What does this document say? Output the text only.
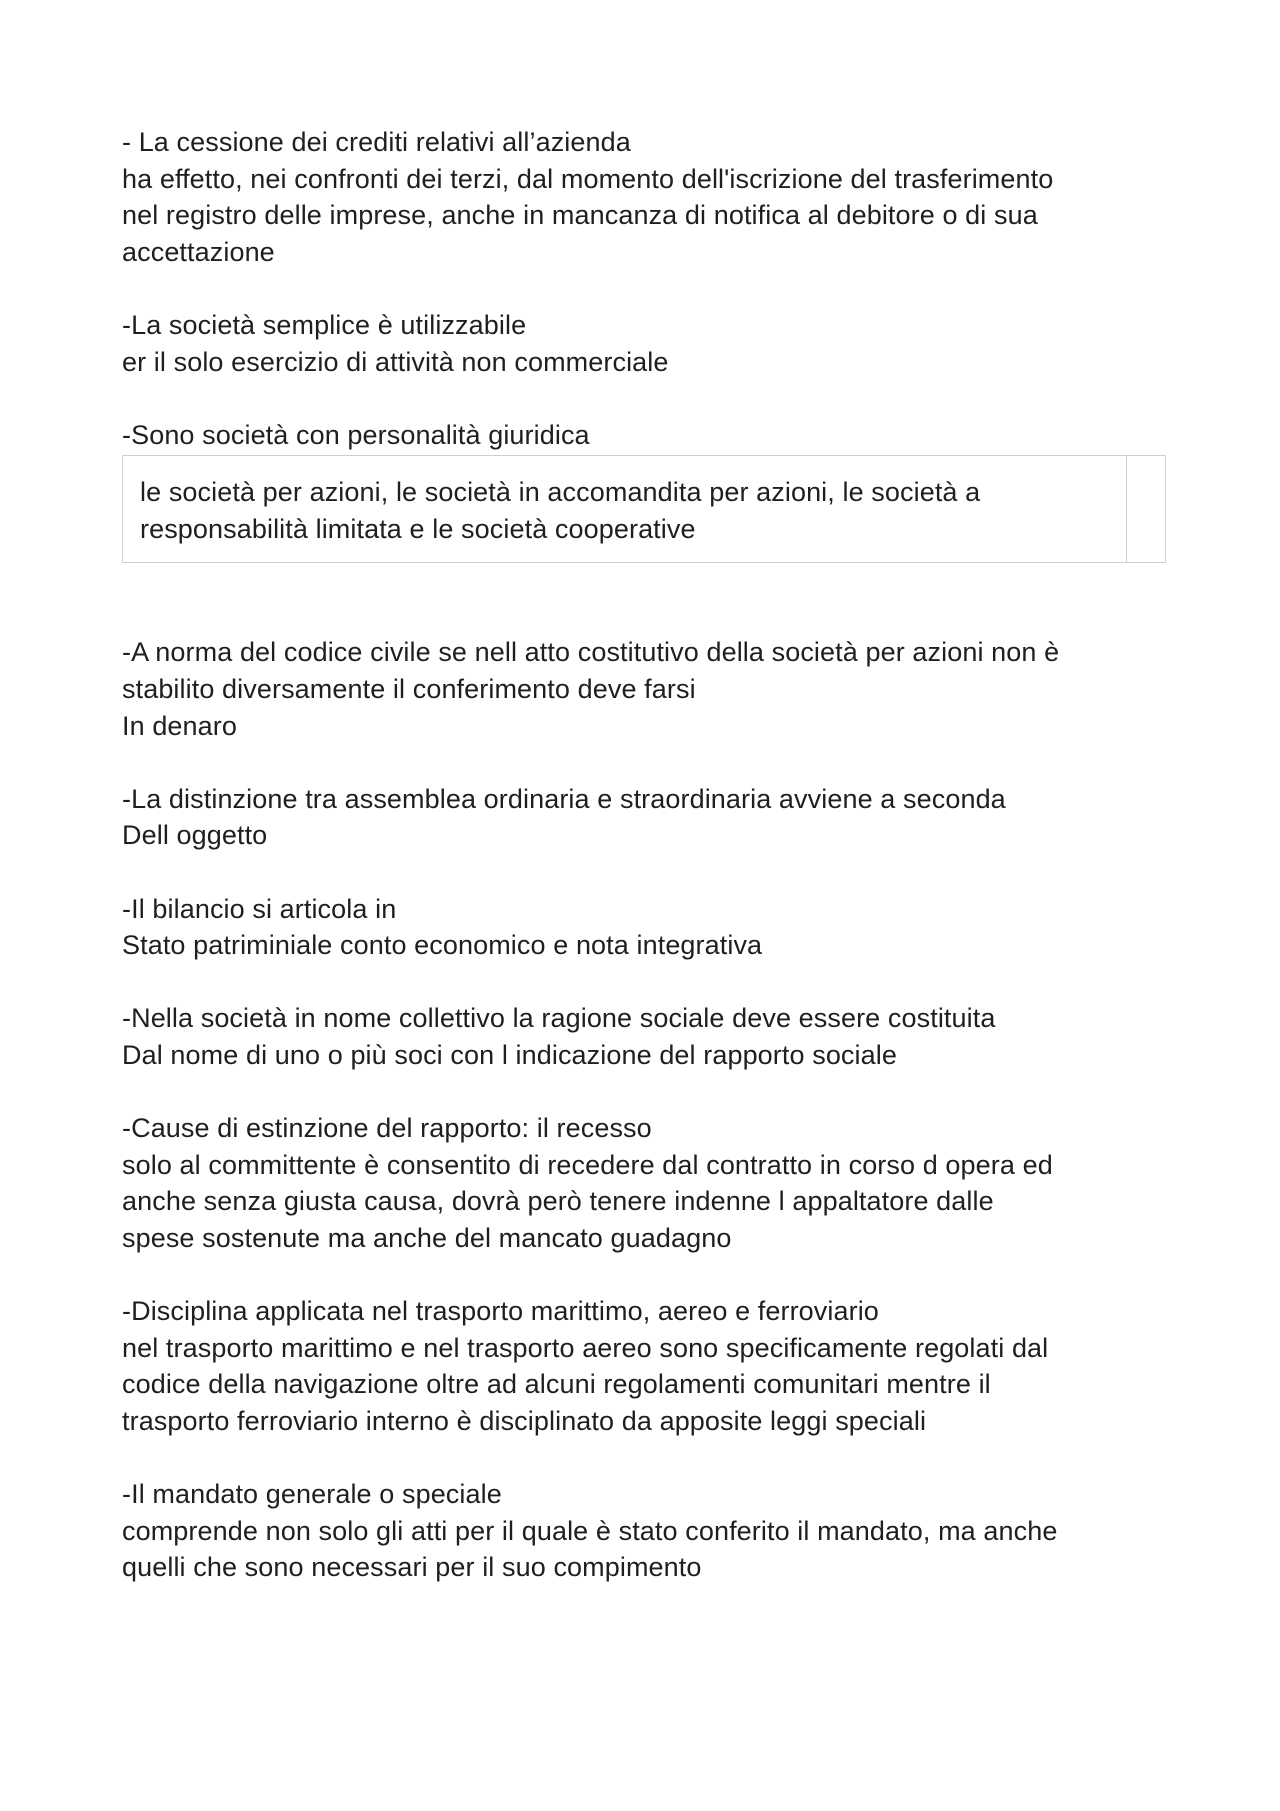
- La cessione dei crediti relativi all’azienda
ha effetto, nei confronti dei terzi, dal momento dell'iscrizione del trasferimento
nel registro delle imprese, anche in mancanza di notifica al debitore o di sua
accettazione
-La società semplice è utilizzabile
er il solo esercizio di attività non commerciale
-Sono società con personalità giuridica
le società per azioni, le società in accomandita per azioni, le società a
responsabilità limitata e le società cooperative
-A norma del codice civile se nell atto costitutivo della società per azioni non è
stabilito diversamente il conferimento deve farsi
In denaro
-La distinzione tra assemblea ordinaria e straordinaria avviene a seconda
Dell oggetto
-Il bilancio si articola in
Stato patriminiale conto economico e nota integrativa
-Nella società in nome collettivo la ragione sociale deve essere costituita
Dal nome di uno o più soci con l indicazione del rapporto sociale
-Cause di estinzione del rapporto: il recesso
solo al committente è consentito di recedere dal contratto in corso d opera ed
anche senza giusta causa, dovrà però tenere indenne l appaltatore dalle
spese sostenute ma anche del mancato guadagno
-Disciplina applicata nel trasporto marittimo, aereo e ferroviario
nel trasporto marittimo e nel trasporto aereo sono specificamente regolati dal
codice della navigazione oltre ad alcuni regolamenti comunitari mentre il
trasporto ferroviario interno è disciplinato da apposite leggi speciali
-Il mandato generale o speciale
comprende non solo gli atti per il quale è stato conferito il mandato, ma anche
quelli che sono necessari per il suo compimento
